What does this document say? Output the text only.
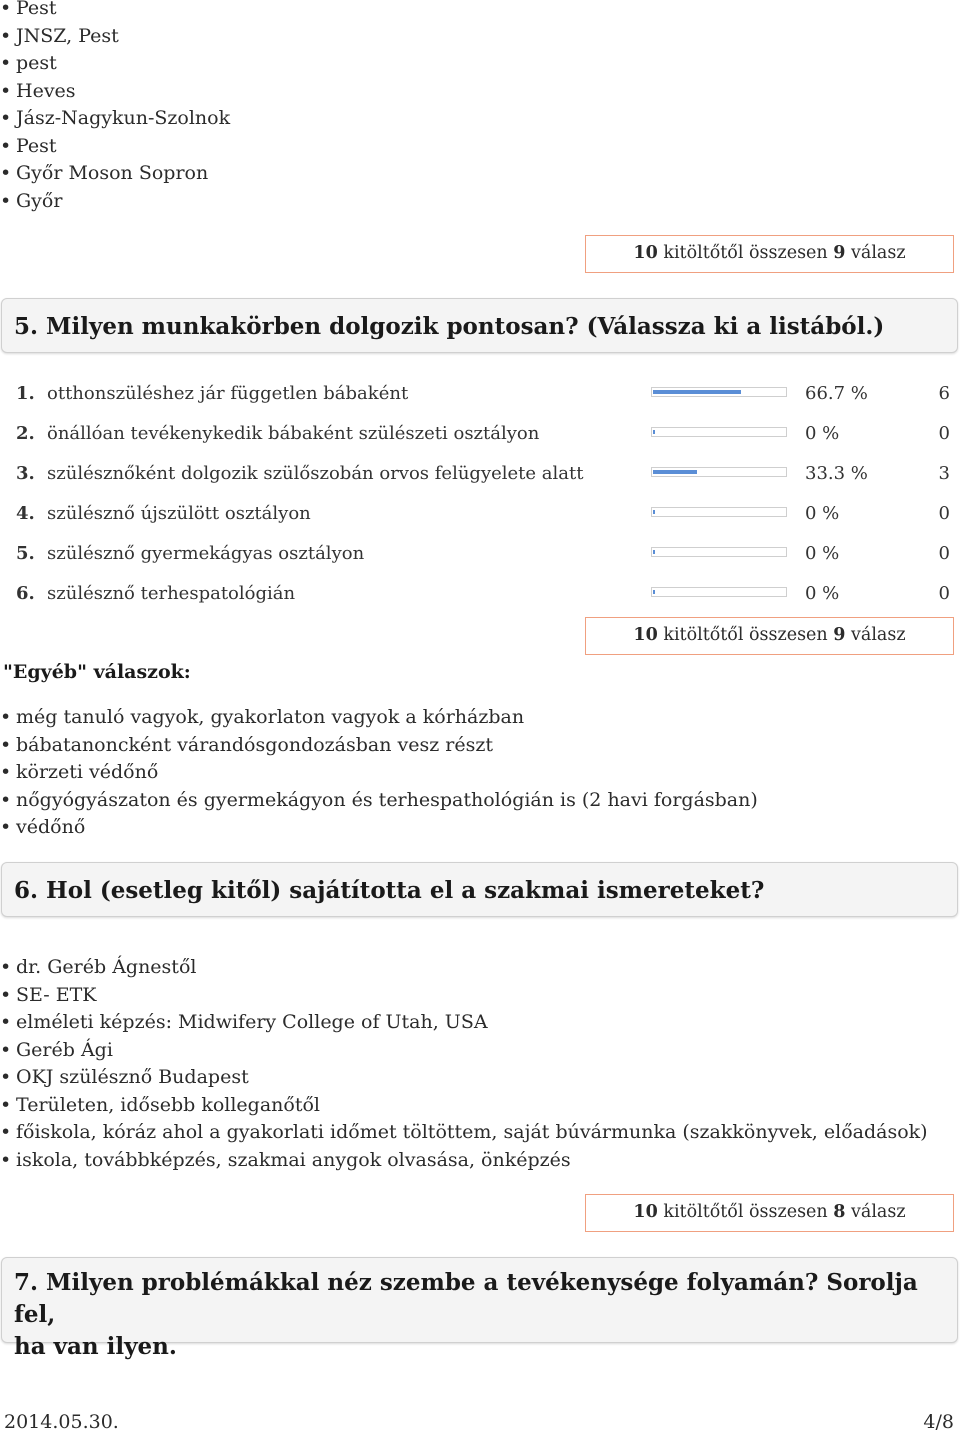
• Pest
• JNSZ, Pest
• pest
• Heves
• Jász-Nagykun-Szolnok
• Pest
• Győr Moson Sopron
• Győr
10 kitöltőtől összesen 9 válasz
5. Milyen munkakörben dolgozik pontosan? (Válassza ki a listából.)
1. otthonszüléshez jár független bábaként	66.7 %	6
2. önállóan tevékenykedik bábaként szülészeti osztályon	0 %	0
3. szülésznőként dolgozik szülőszobán orvos felügyelete alatt	33.3 %	3
4. szülésznő újszülött osztályon	0 %	0
5. szülésznő gyermekágyas osztályon	0 %	0
6. szülésznő terhespatológián	0 %	0
10 kitöltőtől összesen 9 válasz
"Egyéb" válaszok:
• még tanuló vagyok, gyakorlaton vagyok a kórházban
• bábatanoncként várandósgondozásban vesz részt
• körzeti védőnő
• nőgyógyászaton és gyermekágyon és terhespathológián is (2 havi forgásban)
• védőnő
6. Hol (esetleg kitől) sajátította el a szakmai ismereteket?
• dr. Geréb Ágnestől
• SE- ETK
• elméleti képzés: Midwifery College of Utah, USA
• Geréb Ági
• OKJ szülésznő Budapest
• Területen, idősebb kolleganőtől
• főiskola, kóráz ahol a gyakorlati időmet töltöttem, saját búvármunka (szakkönyvek, előadások)
• iskola, továbbképzés, szakmai anygok olvasása, önképzés
10 kitöltőtől összesen 8 válasz
7. Milyen problémákkal néz szembe a tevékenysége folyamán? Sorolja fel,
ha van ilyen.
2014.05.30.	4/8
